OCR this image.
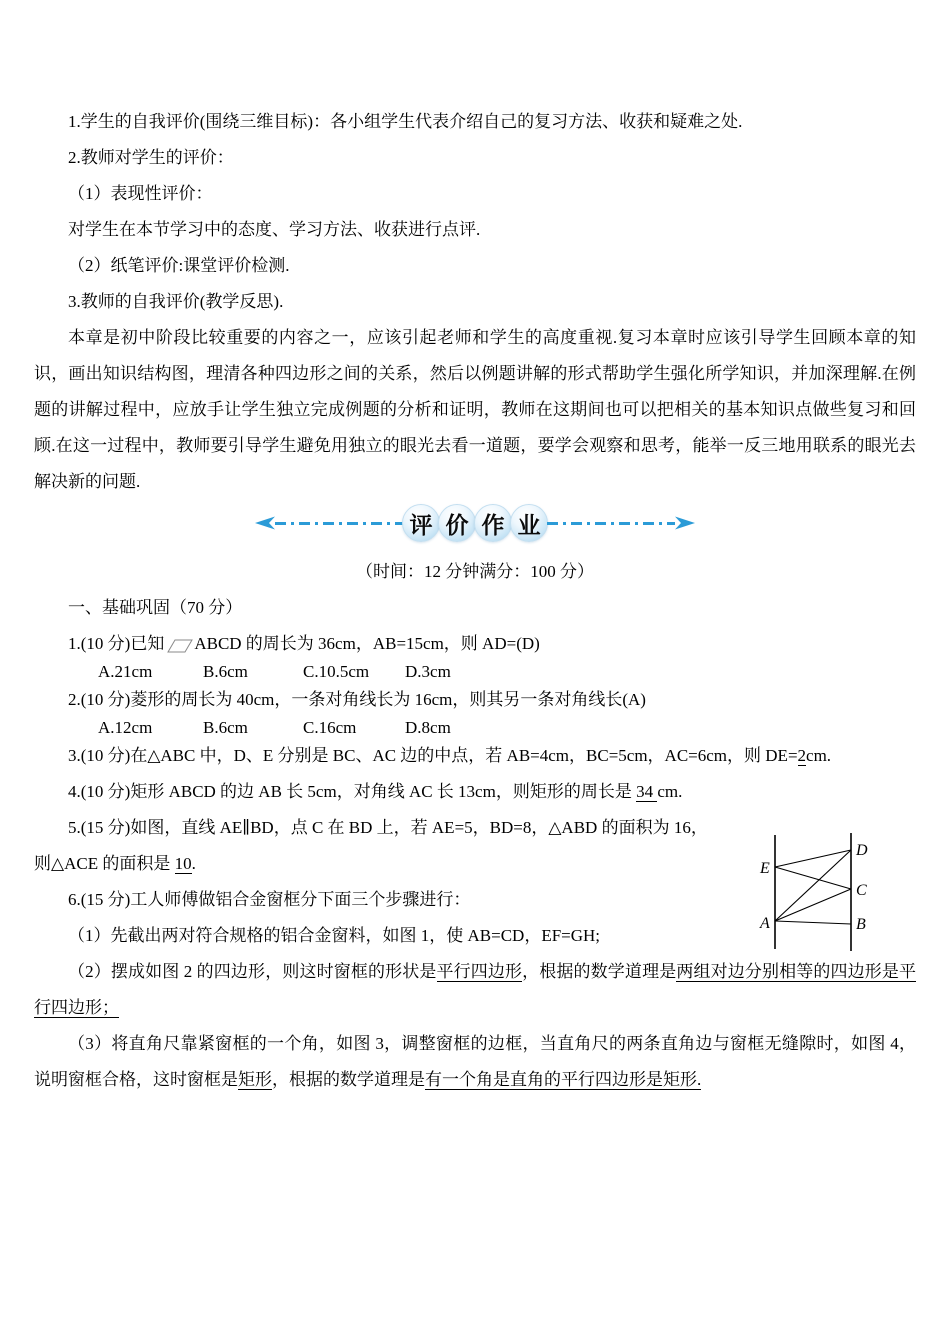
1.学生的自我评价(围绕三维目标)：各小组学生代表介绍自己的复习方法、收获和疑难之处.
2.教师对学生的评价：
（1）表现性评价：
对学生在本节学习中的态度、学习方法、收获进行点评.
（2）纸笔评价:课堂评价检测.
3.教师的自我评价(教学反思).

本章是初中阶段比较重要的内容之一，应该引起老师和学生的高度重视.复习本章时应该引导学生回顾本章的知识，画出知识结构图，理清各种四边形之间的关系，然后以例题讲解的形式帮助学生强化所学知识，并加深理解.在例题的讲解过程中，应放手让学生独立完成例题的分析和证明，教师在这期间也可以把相关的基本知识点做些复习和回顾.在这一过程中，教师要引导学生避免用独立的眼光去看一道题，要学会观察和思考，能举一反三地用联系的眼光去解决新的问题.

评 价 作 业
（时间：12 分钟满分：100 分）
一、基础巩固（70 分）
1.(10 分)已知 ABCD 的周长为 36cm，AB=15cm，则 AD=(D)
A.21cm	B.6cm	C.10.5cm D.3cm
2.(10 分)菱形的周长为 40cm，一条对角线长为 16cm，则其另一条对角线长(A)
A.12cm	B.6cm	C.16cm	D.8cm
3.(10 分)在△ABC 中，D、E 分别是 BC、AC 边的中点，若 AB=4cm，BC=5cm，AC=6cm，则 DE=2cm.
4.(10 分)矩形 ABCD 的边 AB 长 5cm，对角线 AC 长 13cm，则矩形的周长是 34 cm.
5.(15 分)如图，直线 AE∥BD，点 C 在 BD 上，若 AE=5，BD=8，△ABD 的面积为 16，
则△ACE 的面积是 10.
6.(15 分)工人师傅做铝合金窗框分下面三个步骤进行：
（1）先截出两对符合规格的铝合金窗料，如图 1，使 AB=CD，EF=GH;

（2）摆成如图 2 的四边形，则这时窗框的形状是平行四边形，根据的数学道理是两组对边分别相等的四边形是平行四边形；

（3）将直角尺靠紧窗框的一个角，如图 3，调整窗框的边框，当直角尺的两条直角边与窗框无缝隙时，如图 4，说明窗框合格，这时窗框是矩形，根据的数学道理是有一个角是直角的平行四边形是矩形.

E
A
D
C
B
